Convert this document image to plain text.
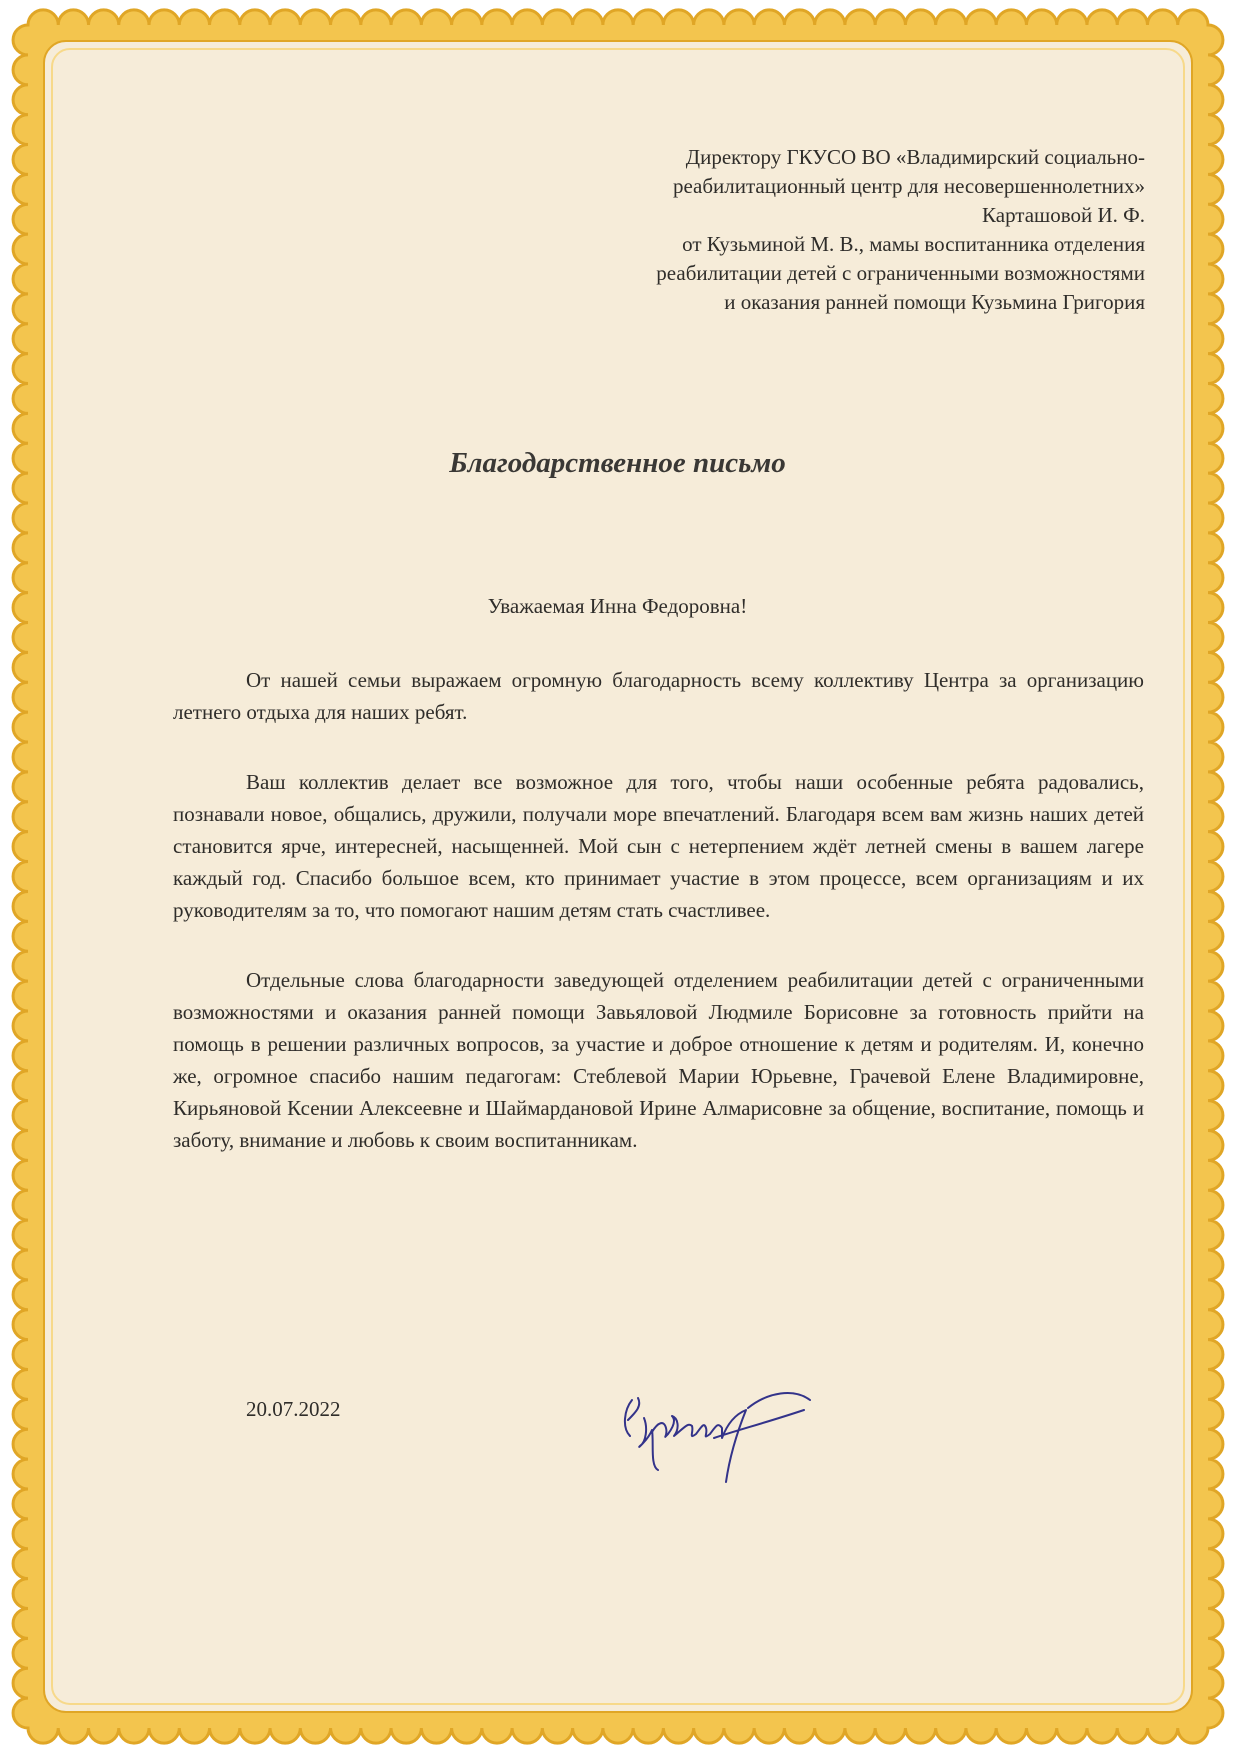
Директору ГКУСО ВО «Владимирский социально-
реабилитационный центр для несовершеннолетних»
Карташовой И. Ф.
от Кузьминой М. В., мамы воспитанника отделения
реабилитации детей с ограниченными возможностями
и оказания ранней помощи Кузьмина Григория
Благодарственное письмо
Уважаемая Инна Федоровна!

От нашей семьи выражаем огромную благодарность всему коллективу Центра за организацию летнего отдыха для наших ребят.

Ваш коллектив делает все возможное для того, чтобы наши особенные ребята радовались, познавали новое, общались, дружили, получали море впечатлений. Благодаря всем вам жизнь наших детей становится ярче, интересней, насыщенней. Мой сын с нетерпением ждёт летней смены в вашем лагере каждый год. Спасибо большое всем, кто принимает участие в этом процессе, всем организациям и их руководителям за то, что помогают нашим детям стать счастливее.

Отдельные слова благодарности заведующей отделением реабилитации детей с ограниченными возможностями и оказания ранней помощи Завьяловой Людмиле Борисовне за готовность прийти на помощь в решении различных вопросов, за участие и доброе отношение к детям и родителям. И, конечно же, огромное спасибо нашим педагогам: Стеблевой Марии Юрьевне, Грачевой Елене Владимировне, Кирьяновой Ксении Алексеевне и Шаймардановой Ирине Алмарисовне за общение, воспитание, помощь и заботу, внимание и любовь к своим воспитанникам.

20.07.2022
